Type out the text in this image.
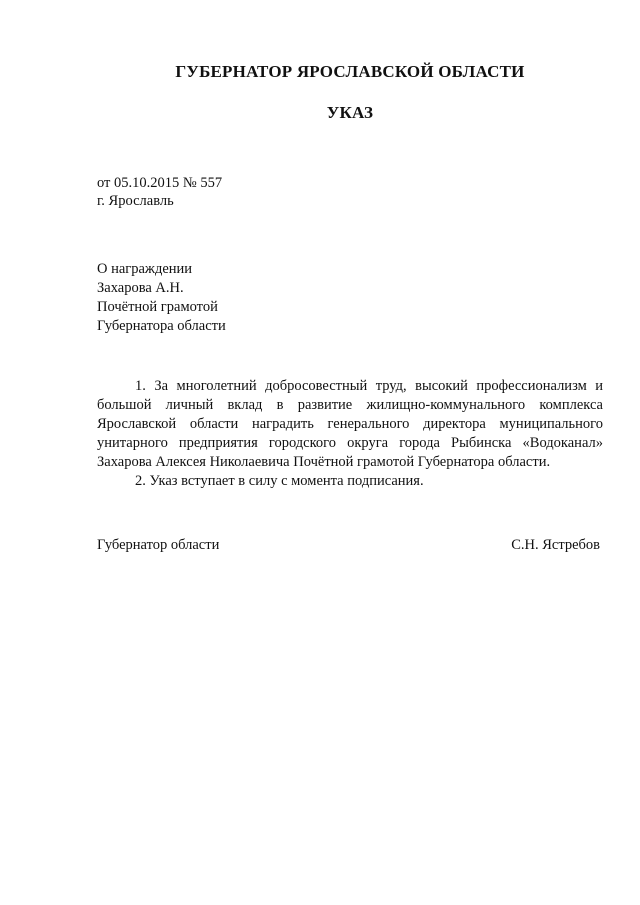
ГУБЕРНАТОР ЯРОСЛАВСКОЙ ОБЛАСТИ
УКАЗ
от 05.10.2015 № 557
г. Ярославль
О награждении
Захарова А.Н.
Почётной грамотой
Губернатора области

1. За многолетний добросовестный труд, высокий профессионализм и большой личный вклад в развитие жилищно-коммунального комплекса Ярославской области наградить генерального директора муниципального унитарного предприятия городского округа города Рыбинска «Водоканал» Захарова Алексея Николаевича Почётной грамотой Губернатора области.

2. Указ вступает в силу с момента подписания.

Губернатор области	С.Н. Ястребов
